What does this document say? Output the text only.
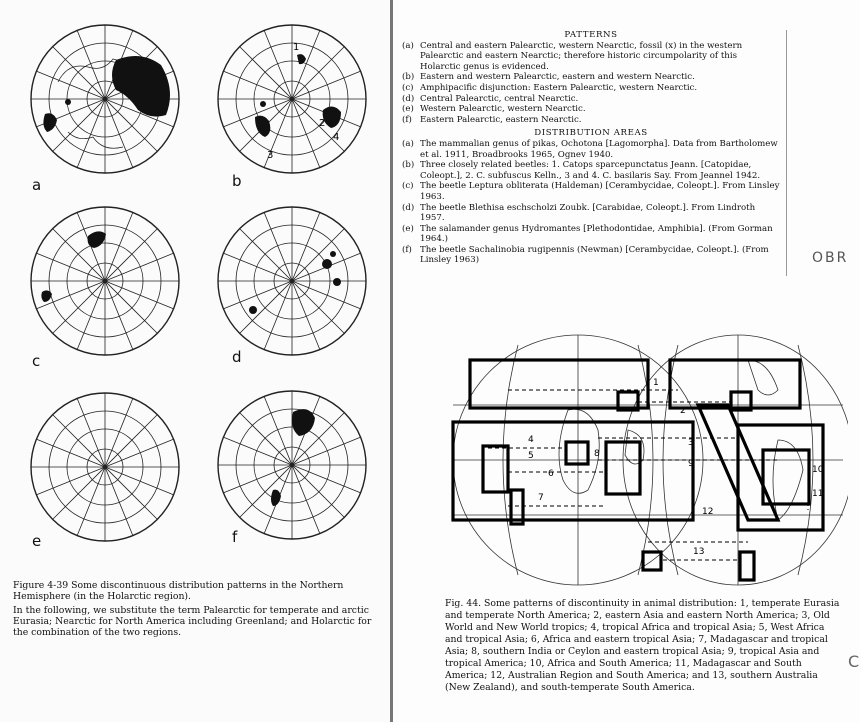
a
1
2
3
4
b
c	d
e	f

Figure 4-39 Some discontinuous distribution patterns in the Northern Hemisphere (in the Holarctic region).

In the following, we substitute the term Palearctic for temperate and arctic Eurasia; Nearctic for North America including Greenland; and Holarctic for the combination of the two regions.

PATTERNS

(a) Central and eastern Palearctic, western Nearctic, fossil (x) in the western Palearctic and eastern Nearctic; therefore historic circumpolarity of this Holarctic genus is evidenced.
(b) Eastern and western Palearctic, eastern and western Nearctic.
(c) Amphipacific disjunction: Eastern Palearctic, western Nearctic.
(d) Central Palearctic, central Nearctic.
(e) Western Palearctic, western Nearctic.
(f) Eastern Palearctic, eastern Nearctic.

DISTRIBUTION AREAS

(a) The mammalian genus of pikas, Ochotona [Lagomorpha]. Data from Bartholomew et al. 1911, Broadbrooks 1965, Ognev 1940.
(b) Three closely related beetles: 1. Catops sparcepunctatus Jeann. [Catopidae, Coleopt.], 2. C. subfuscus Kelln., 3 and 4. C. basilaris Say. From Jeannel 1942.
(c) The beetle Leptura obliterata (Haldeman) [Cerambycidae, Coleopt.]. From Linsley 1963.
(d) The beetle Blethisa eschscholzi Zoubk. [Carabidae, Coleopt.]. From Lindroth 1957.
(e) The salamander genus Hydromantes [Plethodontidae, Amphibia]. (From Gorman 1964.)
(f) The beetle Sachalinobia rugipennis (Newman) [Cerambycidae, Coleopt.]. (From Linsley 1963)	OBR
C
1
2
3
4
5
6
7
8
9
10
11
12
13

Fig. 44. Some patterns of discontinuity in animal distribution: 1, temperate Eurasia and temperate North America; 2, eastern Asia and eastern North America; 3, Old World and New World tropics; 4, tropical Africa and tropical Asia; 5, West Africa and tropical Asia; 6, Africa and eastern tropical Asia; 7, Madagascar and tropical Asia; 8, southern India or Ceylon and eastern tropical Asia; 9, tropical Asia and tropical America; 10, Africa and South America; 11, Madagascar and South America; 12, Australian Region and South America; and 13, southern Australia (New Zealand), and south-temperate South America.
